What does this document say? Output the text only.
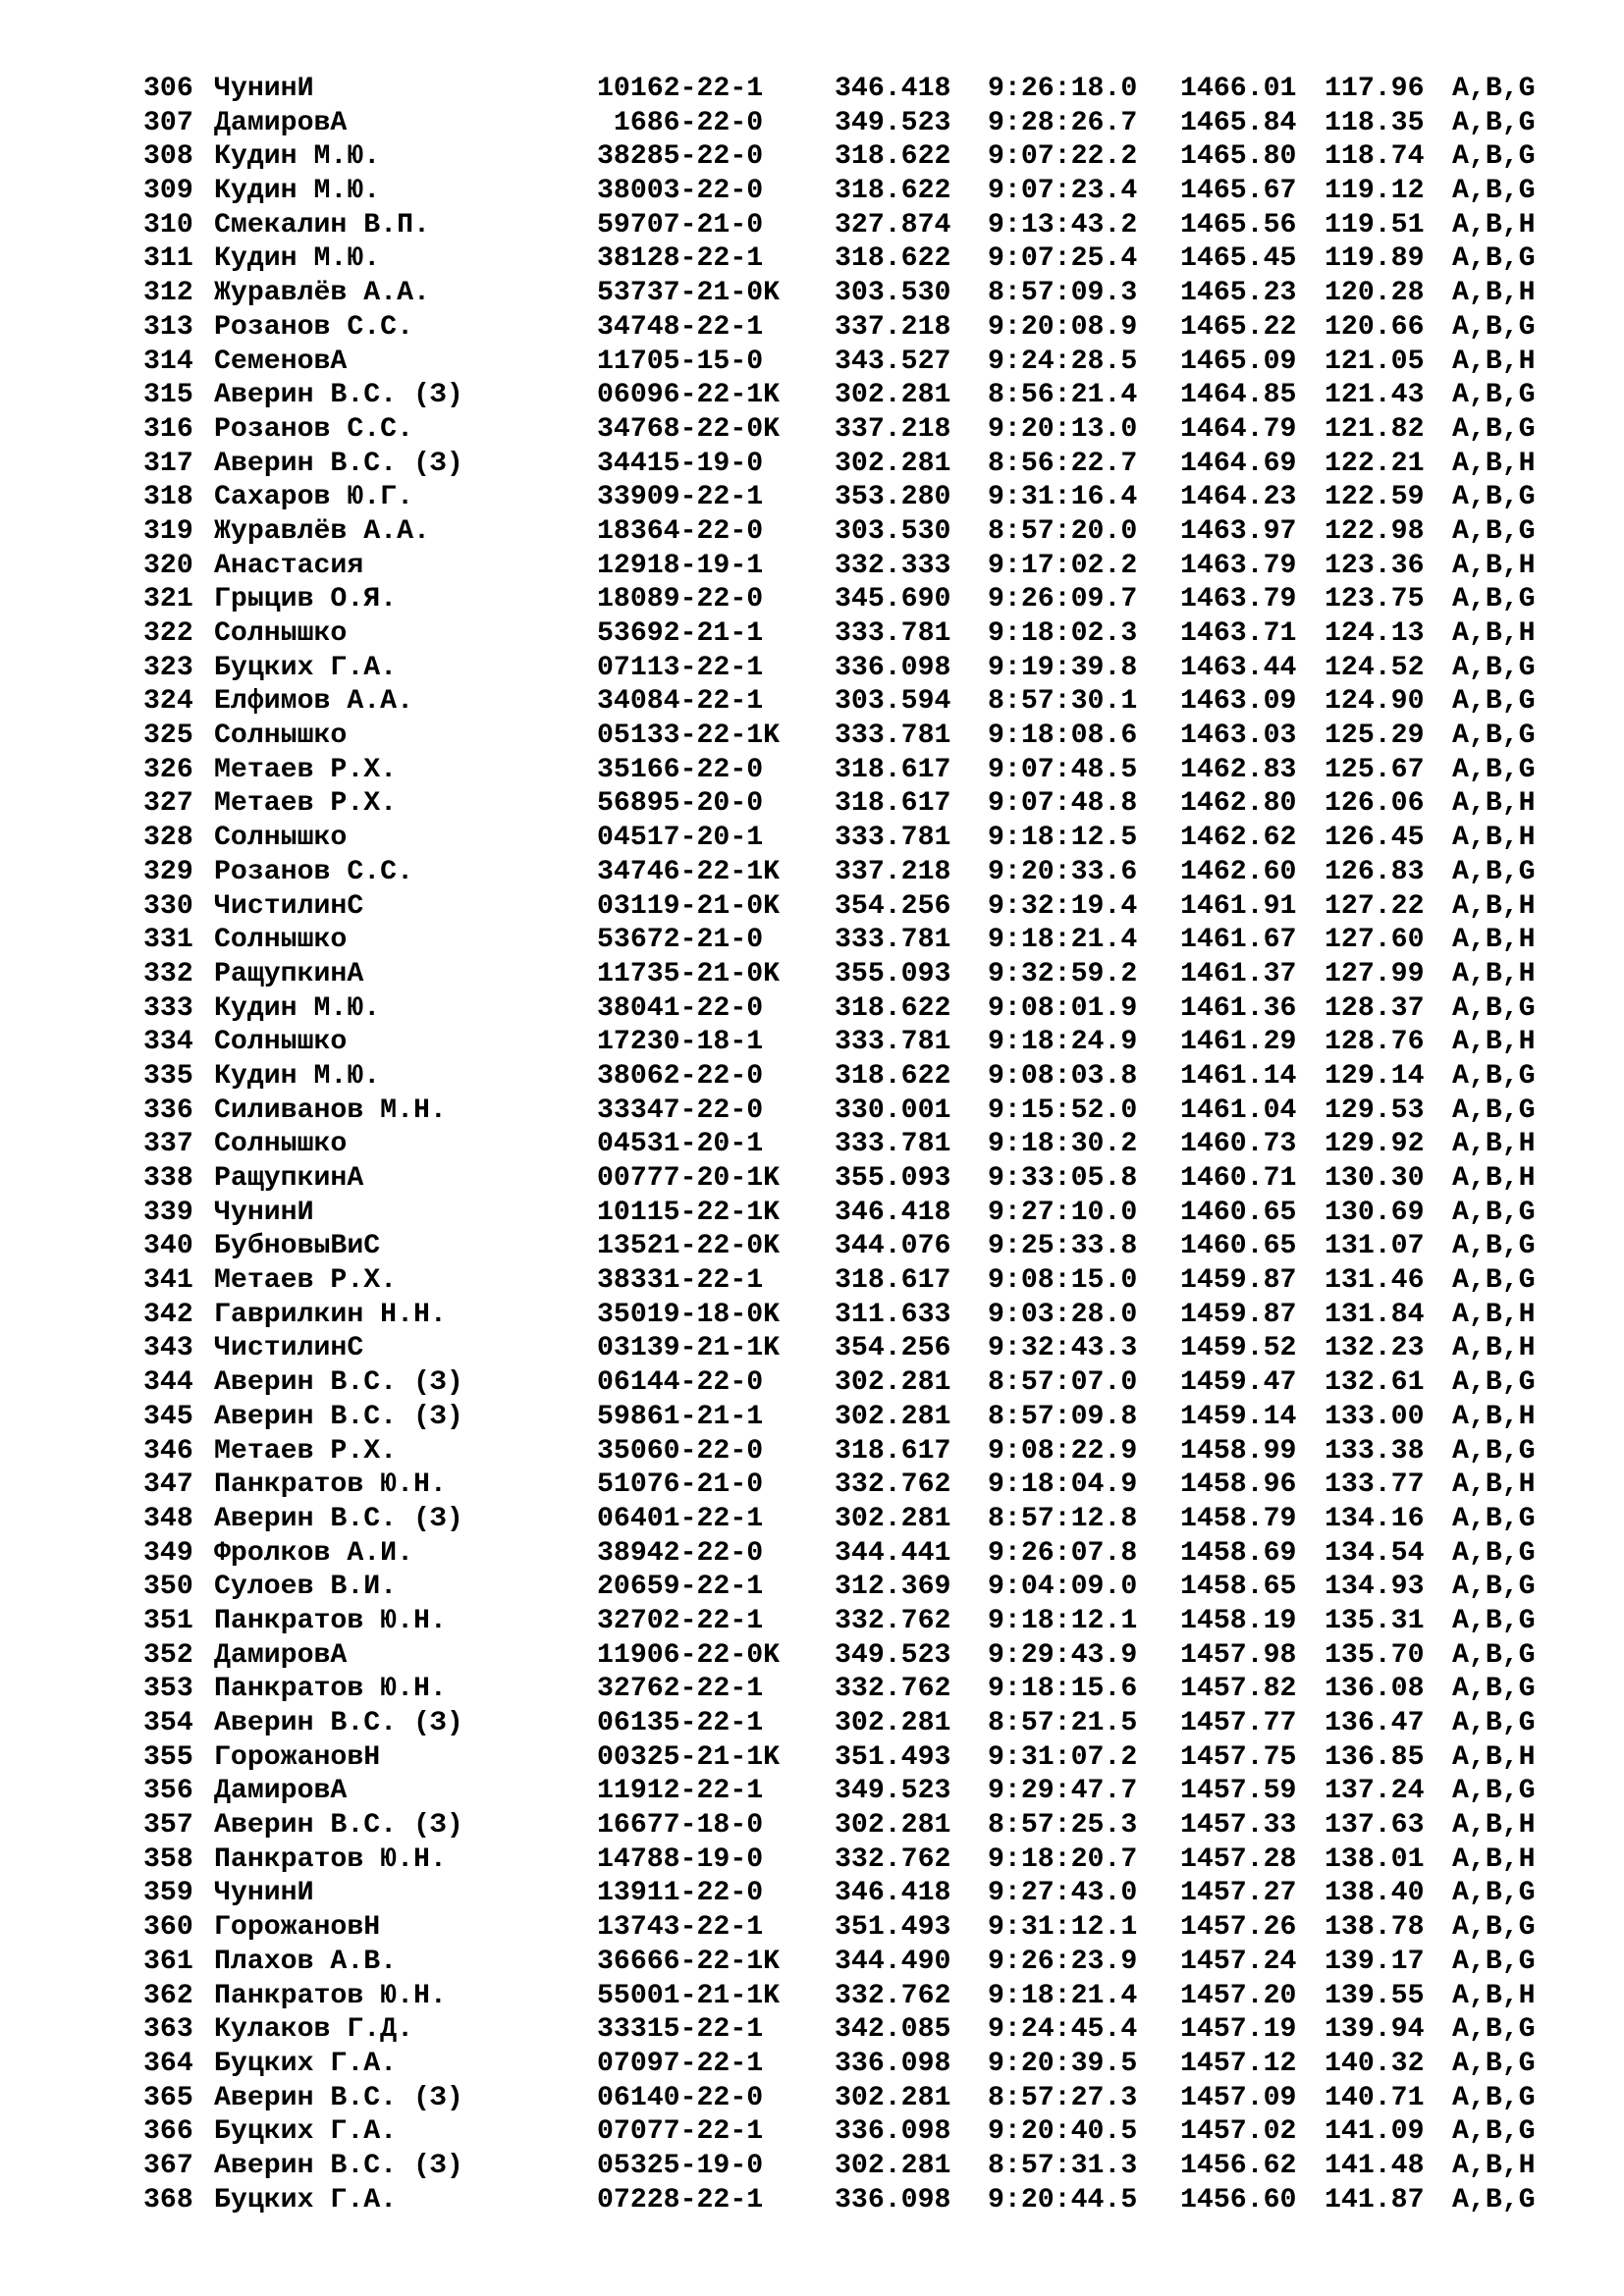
306 ЧунинИ	10162-22-1	346.418 9:26:18.0 1466.01 117.96 A,B,G
307 ДамировА	1686-22-0	349.523 9:28:26.7 1465.84 118.35 A,B,G
308 Кудин М.Ю.	38285-22-0	318.622 9:07:22.2 1465.80 118.74 A,B,G
309 Кудин М.Ю.	38003-22-0	318.622 9:07:23.4 1465.67 119.12 A,B,G
310 Смекалин В.П.	59707-21-0	327.874 9:13:43.2 1465.56 119.51 A,B,H
311 Кудин М.Ю.	38128-22-1	318.622 9:07:25.4 1465.45 119.89 A,B,G
312 Журавлёв А.А.	53737-21-0K 303.530 8:57:09.3 1465.23 120.28 A,B,H
313 Розанов С.С.	34748-22-1	337.218 9:20:08.9 1465.22 120.66 A,B,G
314 СеменовА	11705-15-0	343.527 9:24:28.5 1465.09 121.05 A,B,H
315 Аверин В.С. (З)	06096-22-1K 302.281 8:56:21.4 1464.85 121.43 A,B,G
316 Розанов С.С.	34768-22-0K 337.218 9:20:13.0 1464.79 121.82 A,B,G
317 Аверин В.С. (З)	34415-19-0	302.281 8:56:22.7 1464.69 122.21 A,B,H
318 Сахаров Ю.Г.	33909-22-1	353.280 9:31:16.4 1464.23 122.59 A,B,G
319 Журавлёв А.А.	18364-22-0	303.530 8:57:20.0 1463.97 122.98 A,B,G
320 Анастасия	12918-19-1	332.333 9:17:02.2 1463.79 123.36 A,B,H
321 Грыцив О.Я.	18089-22-0	345.690 9:26:09.7 1463.79 123.75 A,B,G
322 Солнышко	53692-21-1	333.781 9:18:02.3 1463.71 124.13 A,B,H
323 Буцких Г.А.	07113-22-1	336.098 9:19:39.8 1463.44 124.52 A,B,G
324 Елфимов А.А.	34084-22-1	303.594 8:57:30.1 1463.09 124.90 A,B,G
325 Солнышко	05133-22-1K 333.781 9:18:08.6 1463.03 125.29 A,B,G
326 Метаев Р.Х.	35166-22-0	318.617 9:07:48.5 1462.83 125.67 A,B,G
327 Метаев Р.Х.	56895-20-0	318.617 9:07:48.8 1462.80 126.06 A,B,H
328 Солнышко	04517-20-1	333.781 9:18:12.5 1462.62 126.45 A,B,H
329 Розанов С.С.	34746-22-1K 337.218 9:20:33.6 1462.60 126.83 A,B,G
330 ЧистилинС	03119-21-0K 354.256 9:32:19.4 1461.91 127.22 A,B,H
331 Солнышко	53672-21-0	333.781 9:18:21.4 1461.67 127.60 A,B,H
332 РащупкинА	11735-21-0K 355.093 9:32:59.2 1461.37 127.99 A,B,H
333 Кудин М.Ю.	38041-22-0	318.622 9:08:01.9 1461.36 128.37 A,B,G
334 Солнышко	17230-18-1	333.781 9:18:24.9 1461.29 128.76 A,B,H
335 Кудин М.Ю.	38062-22-0	318.622 9:08:03.8 1461.14 129.14 A,B,G
336 Силиванов М.Н.	33347-22-0	330.001 9:15:52.0 1461.04 129.53 A,B,G
337 Солнышко	04531-20-1	333.781 9:18:30.2 1460.73 129.92 A,B,H
338 РащупкинА	00777-20-1K 355.093 9:33:05.8 1460.71 130.30 A,B,H
339 ЧунинИ	10115-22-1K 346.418 9:27:10.0 1460.65 130.69 A,B,G
340 БубновыВиС	13521-22-0K 344.076 9:25:33.8 1460.65 131.07 A,B,G
341 Метаев Р.Х.	38331-22-1	318.617 9:08:15.0 1459.87 131.46 A,B,G
342 Гаврилкин Н.Н.	35019-18-0K 311.633 9:03:28.0 1459.87 131.84 A,B,H
343 ЧистилинС	03139-21-1K 354.256 9:32:43.3 1459.52 132.23 A,B,H
344 Аверин В.С. (З)	06144-22-0	302.281 8:57:07.0 1459.47 132.61 A,B,G
345 Аверин В.С. (З)	59861-21-1	302.281 8:57:09.8 1459.14 133.00 A,B,H
346 Метаев Р.Х.	35060-22-0	318.617 9:08:22.9 1458.99 133.38 A,B,G
347 Панкратов Ю.Н.	51076-21-0	332.762 9:18:04.9 1458.96 133.77 A,B,H
348 Аверин В.С. (З)	06401-22-1	302.281 8:57:12.8 1458.79 134.16 A,B,G
349 Фролков А.И.	38942-22-0	344.441 9:26:07.8 1458.69 134.54 A,B,G
350 Сулоев В.И.	20659-22-1	312.369 9:04:09.0 1458.65 134.93 A,B,G
351 Панкратов Ю.Н.	32702-22-1	332.762 9:18:12.1 1458.19 135.31 A,B,G
352 ДамировА	11906-22-0K 349.523 9:29:43.9 1457.98 135.70 A,B,G
353 Панкратов Ю.Н.	32762-22-1	332.762 9:18:15.6 1457.82 136.08 A,B,G
354 Аверин В.С. (З)	06135-22-1	302.281 8:57:21.5 1457.77 136.47 A,B,G
355 ГорожановН	00325-21-1K 351.493 9:31:07.2 1457.75 136.85 A,B,H
356 ДамировА	11912-22-1	349.523 9:29:47.7 1457.59 137.24 A,B,G
357 Аверин В.С. (З)	16677-18-0	302.281 8:57:25.3 1457.33 137.63 A,B,H
358 Панкратов Ю.Н.	14788-19-0	332.762 9:18:20.7 1457.28 138.01 A,B,H
359 ЧунинИ	13911-22-0	346.418 9:27:43.0 1457.27 138.40 A,B,G
360 ГорожановН	13743-22-1	351.493 9:31:12.1 1457.26 138.78 A,B,G
361 Плахов А.В.	36666-22-1K 344.490 9:26:23.9 1457.24 139.17 A,B,G
362 Панкратов Ю.Н.	55001-21-1K 332.762 9:18:21.4 1457.20 139.55 A,B,H
363 Кулаков Г.Д.	33315-22-1	342.085 9:24:45.4 1457.19 139.94 A,B,G
364 Буцких Г.А.	07097-22-1	336.098 9:20:39.5 1457.12 140.32 A,B,G
365 Аверин В.С. (З)	06140-22-0	302.281 8:57:27.3 1457.09 140.71 A,B,G
366 Буцких Г.А.	07077-22-1	336.098 9:20:40.5 1457.02 141.09 A,B,G
367 Аверин В.С. (З)	05325-19-0	302.281 8:57:31.3 1456.62 141.48 A,B,H
368 Буцких Г.А.	07228-22-1	336.098 9:20:44.5 1456.60 141.87 A,B,G
